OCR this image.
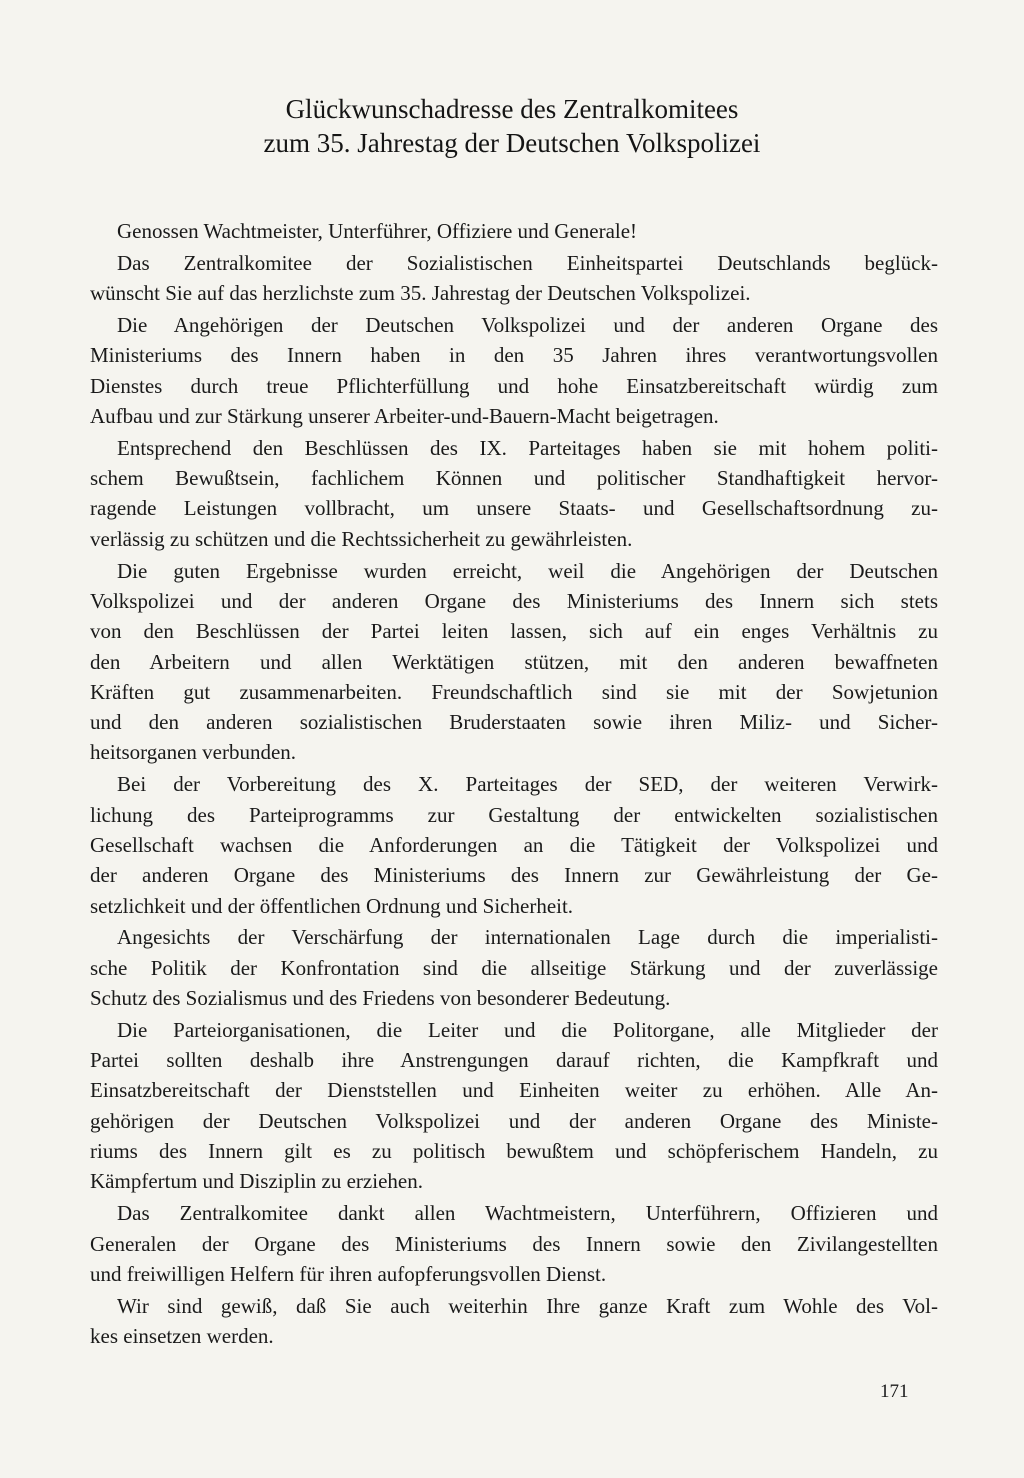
Glückwunschadresse des Zentralkomitees
zum 35. Jahrestag der Deutschen Volkspolizei
Genossen Wachtmeister, Unterführer, Offiziere und Generale!
Das Zentralkomitee der Sozialistischen Einheitspartei Deutschlands beglück-
wünscht Sie auf das herzlichste zum 35. Jahrestag der Deutschen Volkspolizei.
Die Angehörigen der Deutschen Volkspolizei und der anderen Organe des
Ministeriums des Innern haben in den 35 Jahren ihres verantwortungsvollen
Dienstes durch treue Pflichterfüllung und hohe Einsatzbereitschaft würdig zum
Aufbau und zur Stärkung unserer Arbeiter-und-Bauern-Macht beigetragen.
Entsprechend den Beschlüssen des IX. Parteitages haben sie mit hohem politi-
schem Bewußtsein, fachlichem Können und politischer Standhaftigkeit hervor-
ragende Leistungen vollbracht, um unsere Staats- und Gesellschaftsordnung zu-
verlässig zu schützen und die Rechtssicherheit zu gewährleisten.
Die guten Ergebnisse wurden erreicht, weil die Angehörigen der Deutschen
Volkspolizei und der anderen Organe des Ministeriums des Innern sich stets
von den Beschlüssen der Partei leiten lassen, sich auf ein enges Verhältnis zu
den Arbeitern und allen Werktätigen stützen, mit den anderen bewaffneten
Kräften gut zusammenarbeiten. Freundschaftlich sind sie mit der Sowjetunion
und den anderen sozialistischen Bruderstaaten sowie ihren Miliz- und Sicher-
heitsorganen verbunden.
Bei der Vorbereitung des X. Parteitages der SED, der weiteren Verwirk-
lichung des Parteiprogramms zur Gestaltung der entwickelten sozialistischen
Gesellschaft wachsen die Anforderungen an die Tätigkeit der Volkspolizei und
der anderen Organe des Ministeriums des Innern zur Gewährleistung der Ge-
setzlichkeit und der öffentlichen Ordnung und Sicherheit.
Angesichts der Verschärfung der internationalen Lage durch die imperialisti-
sche Politik der Konfrontation sind die allseitige Stärkung und der zuverlässige
Schutz des Sozialismus und des Friedens von besonderer Bedeutung.
Die Parteiorganisationen, die Leiter und die Politorgane, alle Mitglieder der
Partei sollten deshalb ihre Anstrengungen darauf richten, die Kampfkraft und
Einsatzbereitschaft der Dienststellen und Einheiten weiter zu erhöhen. Alle An-
gehörigen der Deutschen Volkspolizei und der anderen Organe des Ministe-
riums des Innern gilt es zu politisch bewußtem und schöpferischem Handeln, zu
Kämpfertum und Disziplin zu erziehen.
Das Zentralkomitee dankt allen Wachtmeistern, Unterführern, Offizieren und
Generalen der Organe des Ministeriums des Innern sowie den Zivilangestellten
und freiwilligen Helfern für ihren aufopferungsvollen Dienst.
Wir sind gewiß, daß Sie auch weiterhin Ihre ganze Kraft zum Wohle des Vol-
kes einsetzen werden.
171
